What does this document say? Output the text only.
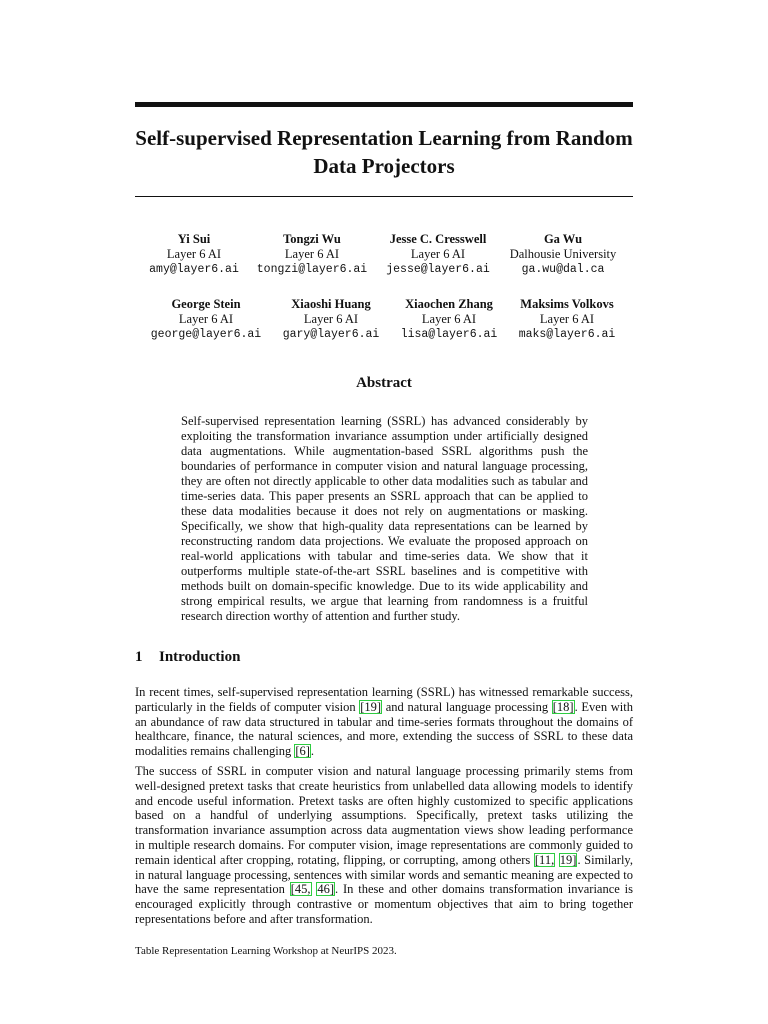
Self-supervised Representation Learning from Random Data Projectors
Yi Sui
Layer 6 AI
amy@layer6.ai
Tongzi Wu
Layer 6 AI
tongzi@layer6.ai
Jesse C. Cresswell
Layer 6 AI
jesse@layer6.ai
Ga Wu
Dalhousie University
ga.wu@dal.ca
George Stein
Layer 6 AI
george@layer6.ai
Xiaoshi Huang
Layer 6 AI
gary@layer6.ai
Xiaochen Zhang
Layer 6 AI
lisa@layer6.ai
Maksims Volkovs
Layer 6 AI
maks@layer6.ai
Abstract

Self-supervised representation learning (SSRL) has advanced considerably by exploiting the transformation invariance assumption under artificially designed data augmentations. While augmentation-based SSRL algorithms push the boundaries of performance in computer vision and natural language processing, they are often not directly applicable to other data modalities such as tabular and time-series data. This paper presents an SSRL approach that can be applied to these data modalities because it does not rely on augmentations or masking. Specifically, we show that high-quality data representations can be learned by reconstructing random data projections. We evaluate the proposed approach on real-world applications with tabular and time-series data. We show that it outperforms multiple state-of-the-art SSRL baselines and is competitive with methods built on domain-specific knowledge. Due to its wide applicability and strong empirical results, we argue that learning from randomness is a fruitful research direction worthy of attention and further study.

1 Introduction

In recent times, self-supervised representation learning (SSRL) has witnessed remarkable success, particularly in the fields of computer vision [19] and natural language processing [18]. Even with an abundance of raw data structured in tabular and time-series formats throughout the domains of healthcare, finance, the natural sciences, and more, extending the success of SSRL to these data modalities remains challenging [6].

The success of SSRL in computer vision and natural language processing primarily stems from well-designed pretext tasks that create heuristics from unlabelled data allowing models to identify and encode useful information. Pretext tasks are often highly customized to specific applications based on a handful of underlying assumptions. Specifically, pretext tasks utilizing the transformation invariance assumption across data augmentation views show leading performance in multiple research domains. For computer vision, image representations are commonly guided to remain identical after cropping, rotating, flipping, or corrupting, among others [11, 19]. Similarly, in natural language processing, sentences with similar words and semantic meaning are expected to have the same representation [45, 46]. In these and other domains transformation invariance is encouraged explicitly through contrastive or momentum objectives that aim to bring together representations before and after transformation.

Table Representation Learning Workshop at NeurIPS 2023.
